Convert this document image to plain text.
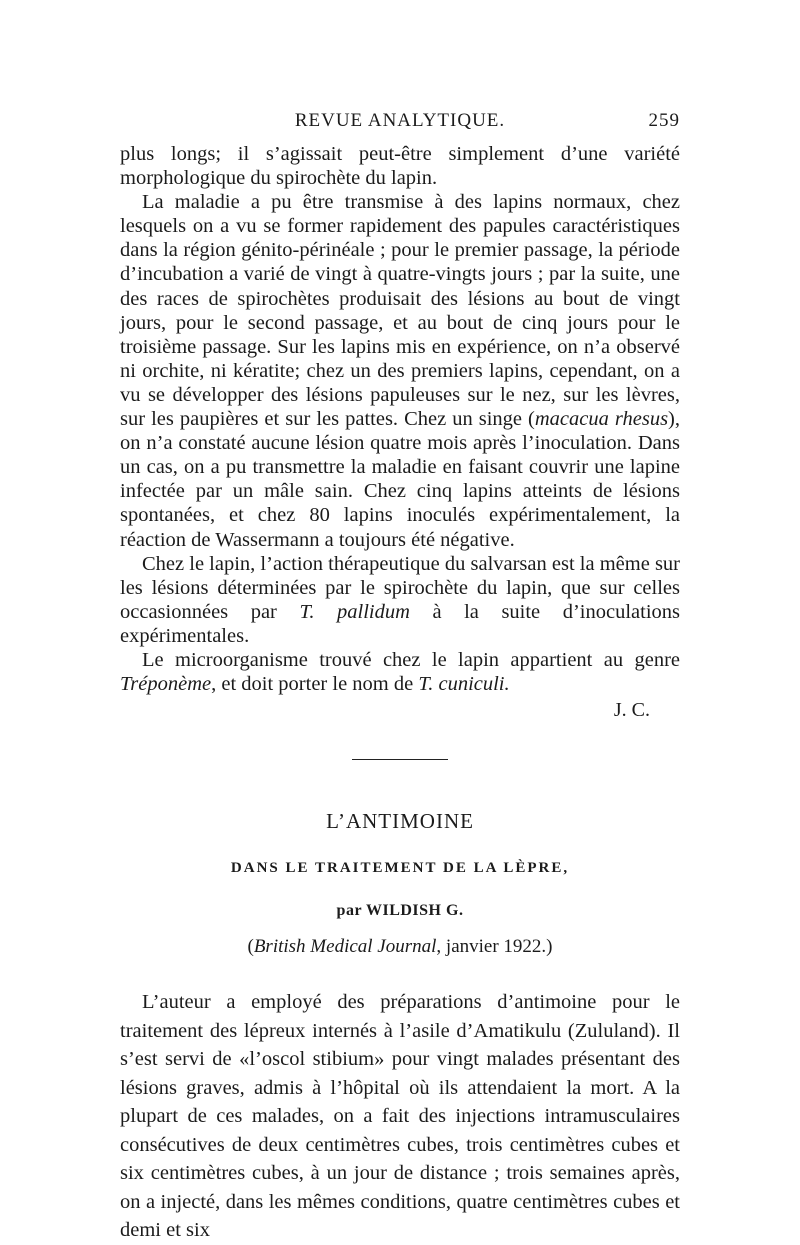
REVUE ANALYTIQUE.	259

plus longs; il s’agissait peut-être simplement d’une variété morphologique du spirochète du lapin.

La maladie a pu être transmise à des lapins normaux, chez lesquels on a vu se former rapidement des papules caractéristiques dans la région génito-périnéale ; pour le premier passage, la période d’incubation a varié de vingt à quatre-vingts jours ; par la suite, une des races de spirochètes produisait des lésions au bout de vingt jours, pour le second passage, et au bout de cinq jours pour le troisième passage. Sur les lapins mis en expérience, on n’a observé ni orchite, ni kératite; chez un des premiers lapins, cependant, on a vu se développer des lésions papuleuses sur le nez, sur les lèvres, sur les paupières et sur les pattes. Chez un singe (macacua rhesus), on n’a constaté aucune lésion quatre mois après l’inoculation. Dans un cas, on a pu transmettre la maladie en faisant couvrir une lapine infectée par un mâle sain. Chez cinq lapins atteints de lésions spontanées, et chez 80 lapins inoculés expérimentalement, la réaction de Wassermann a toujours été négative.

Chez le lapin, l’action thérapeutique du salvarsan est la même sur les lésions déterminées par le spirochète du lapin, que sur celles occasionnées par T. pallidum à la suite d’inoculations expérimentales.

Le microorganisme trouvé chez le lapin appartient au genre Tréponème, et doit porter le nom de T. cuniculi.

J. C.
L’ANTIMOINE
DANS LE TRAITEMENT DE LA LÈPRE,
par WILDISH G.
(British Medical Journal, janvier 1922.)

L’auteur a employé des préparations d’antimoine pour le traitement des lépreux internés à l’asile d’Amatikulu (Zululand). Il s’est servi de «l’oscol stibium» pour vingt malades présentant des lésions graves, admis à l’hôpital où ils attendaient la mort. A la plupart de ces malades, on a fait des injections intramusculaires consécutives de deux centimètres cubes, trois centimètres cubes et six centimètres cubes, à un jour de distance ; trois semaines après, on a injecté, dans les mêmes conditions, quatre centimètres cubes et demi et six
